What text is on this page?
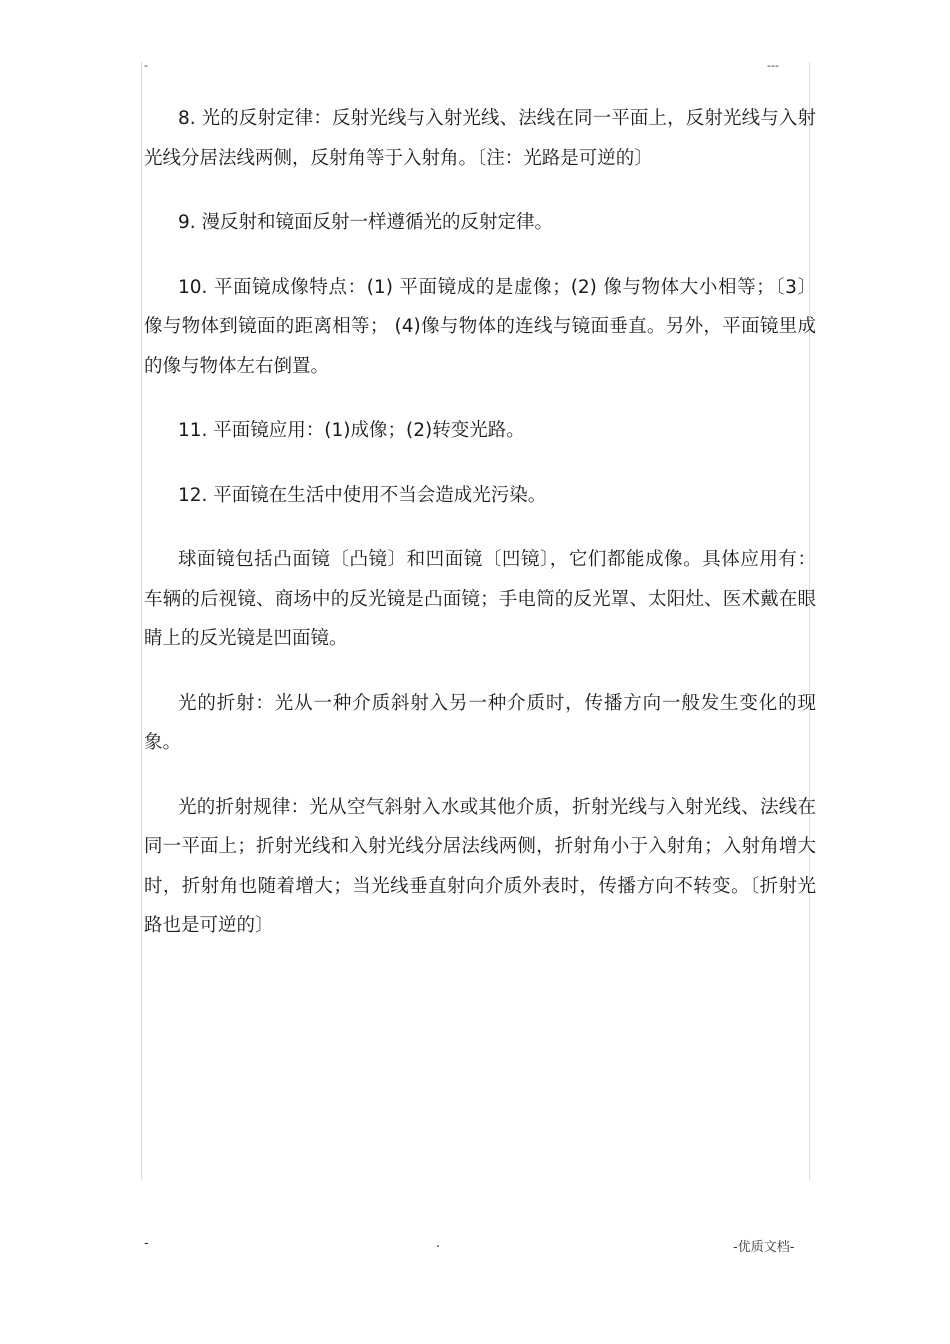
-	---

8. 光的反射定律：反射光线与入射光线、法线在同一平面上，反射光线与入射光线分居法线两侧，反射角等于入射角。〔注：光路是可逆的〕

9. 漫反射和镜面反射一样遵循光的反射定律。

10. 平面镜成像特点：(1) 平面镜成的是虚像；(2) 像与物体大小相等；〔3〕像与物体到镜面的距离相等； (4)像与物体的连线与镜面垂直。另外，平面镜里成的像与物体左右倒置。

11. 平面镜应用：(1)成像；(2)转变光路。

12. 平面镜在生活中使用不当会造成光污染。

球面镜包括凸面镜〔凸镜〕和凹面镜〔凹镜〕，它们都能成像。具体应用有： 车辆的后视镜、商场中的反光镜是凸面镜；手电筒的反光罩、太阳灶、医术戴在眼睛上的反光镜是凹面镜。

光的折射：光从一种介质斜射入另一种介质时，传播方向一般发生变化的现象。

光的折射规律：光从空气斜射入水或其他介质，折射光线与入射光线、法线在同一平面上；折射光线和入射光线分居法线两侧，折射角小于入射角；入射角增大时，折射角也随着增大；当光线垂直射向介质外表时，传播方向不转变。〔折射光路也是可逆的〕

-	.	-优质文档-
